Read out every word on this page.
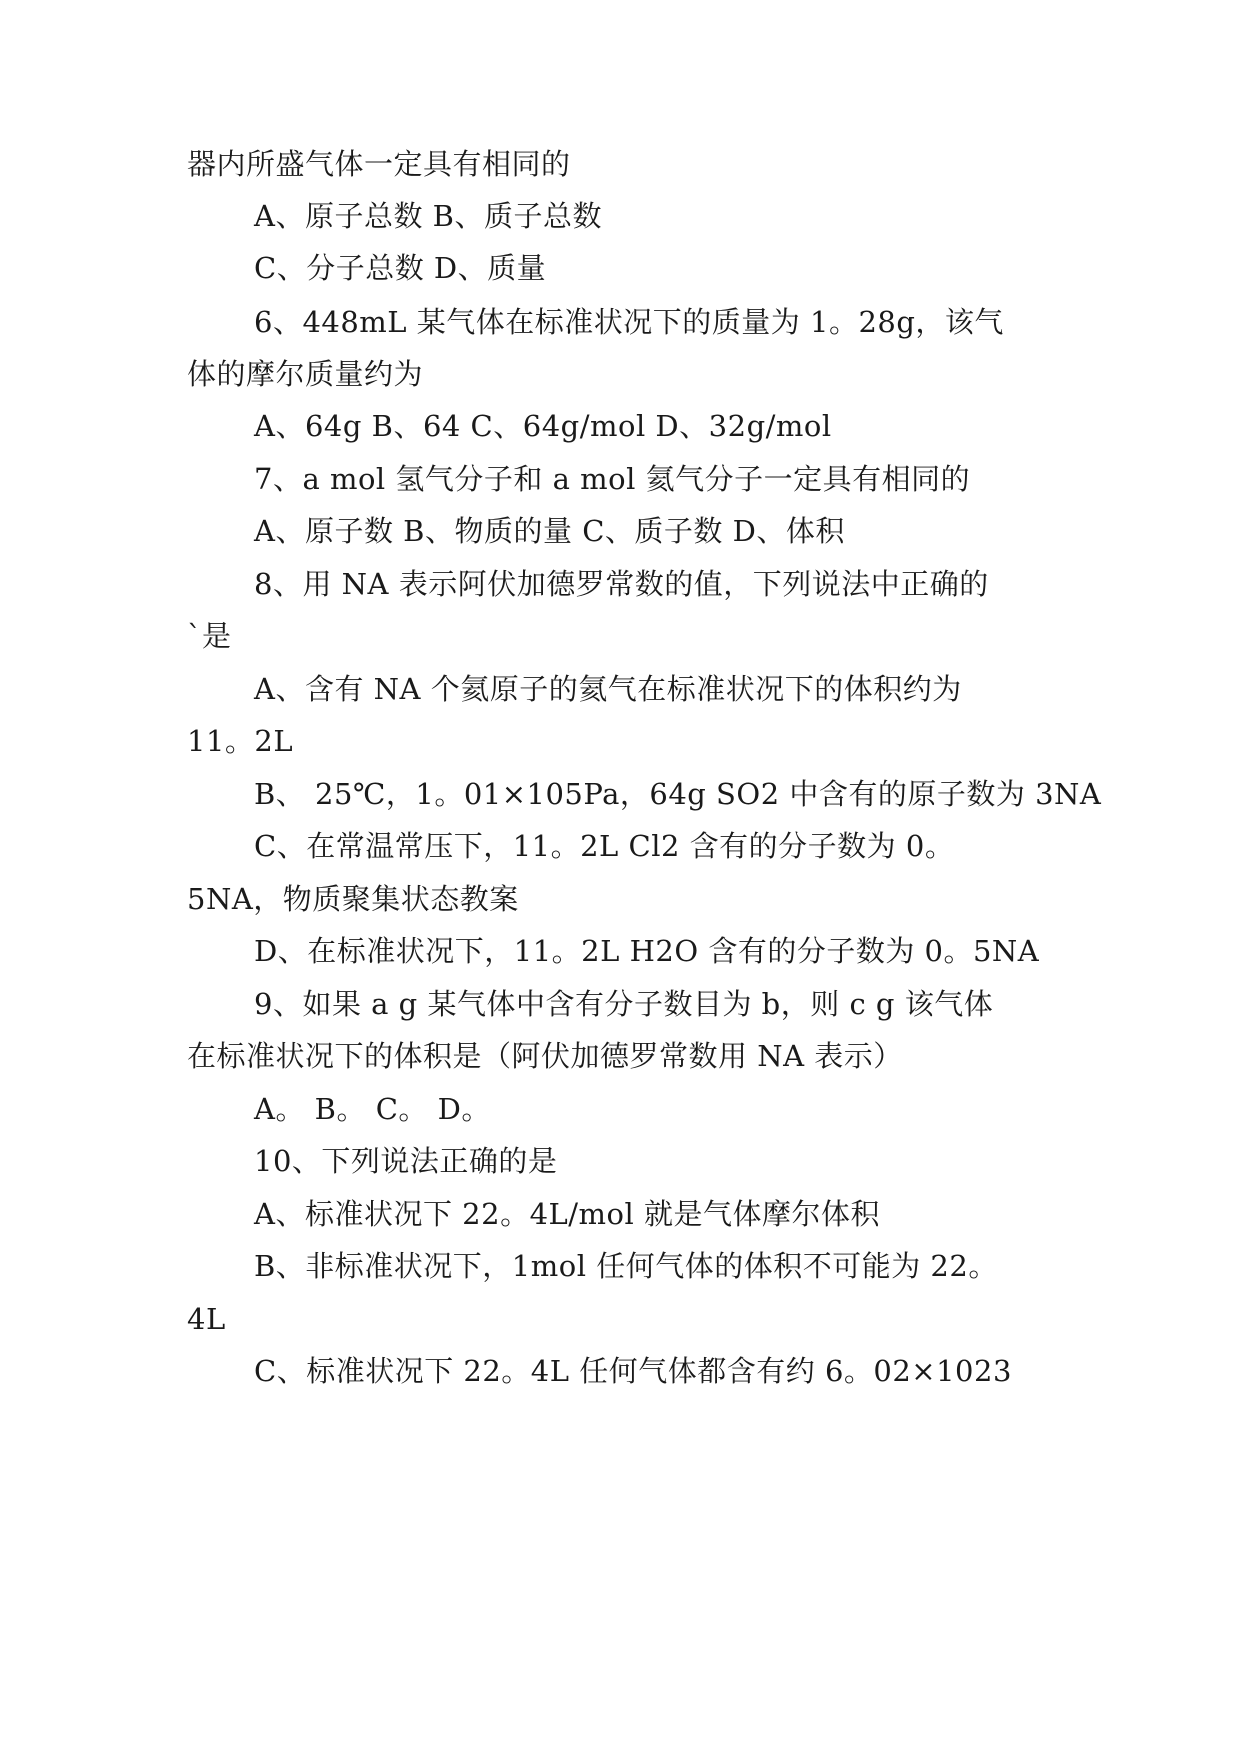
器内所盛气体一定具有相同的
A、原子总数 B、质子总数
C、分子总数 D、质量
6、448mL 某气体在标准状况下的质量为 1。28g，该气
体的摩尔质量约为
A、64g B、64 C、64g/mol D、32g/mol
7、a mol 氢气分子和 a mol 氦气分子一定具有相同的
A、原子数 B、物质的量 C、质子数 D、体积
8、用 NA 表示阿伏加德罗常数的值，下列说法中正确的
`是
A、含有 NA 个氦原子的氦气在标准状况下的体积约为
11。2L
B、 25℃，1。01×105Pa，64g SO2 中含有的原子数为 3NA
C、在常温常压下，11。2L Cl2 含有的分子数为 0。
5NA，物质聚集状态教案
D、在标准状况下，11。2L H2O 含有的分子数为 0。5NA
9、如果 a g 某气体中含有分子数目为 b，则 c g 该气体
在标准状况下的体积是（阿伏加德罗常数用 NA 表示）
A。 B。 C。 D。
10、下列说法正确的是
A、标准状况下 22。4L/mol 就是气体摩尔体积
B、非标准状况下，1mol 任何气体的体积不可能为 22。
4L
C、标准状况下 22。4L 任何气体都含有约 6。02×1023
